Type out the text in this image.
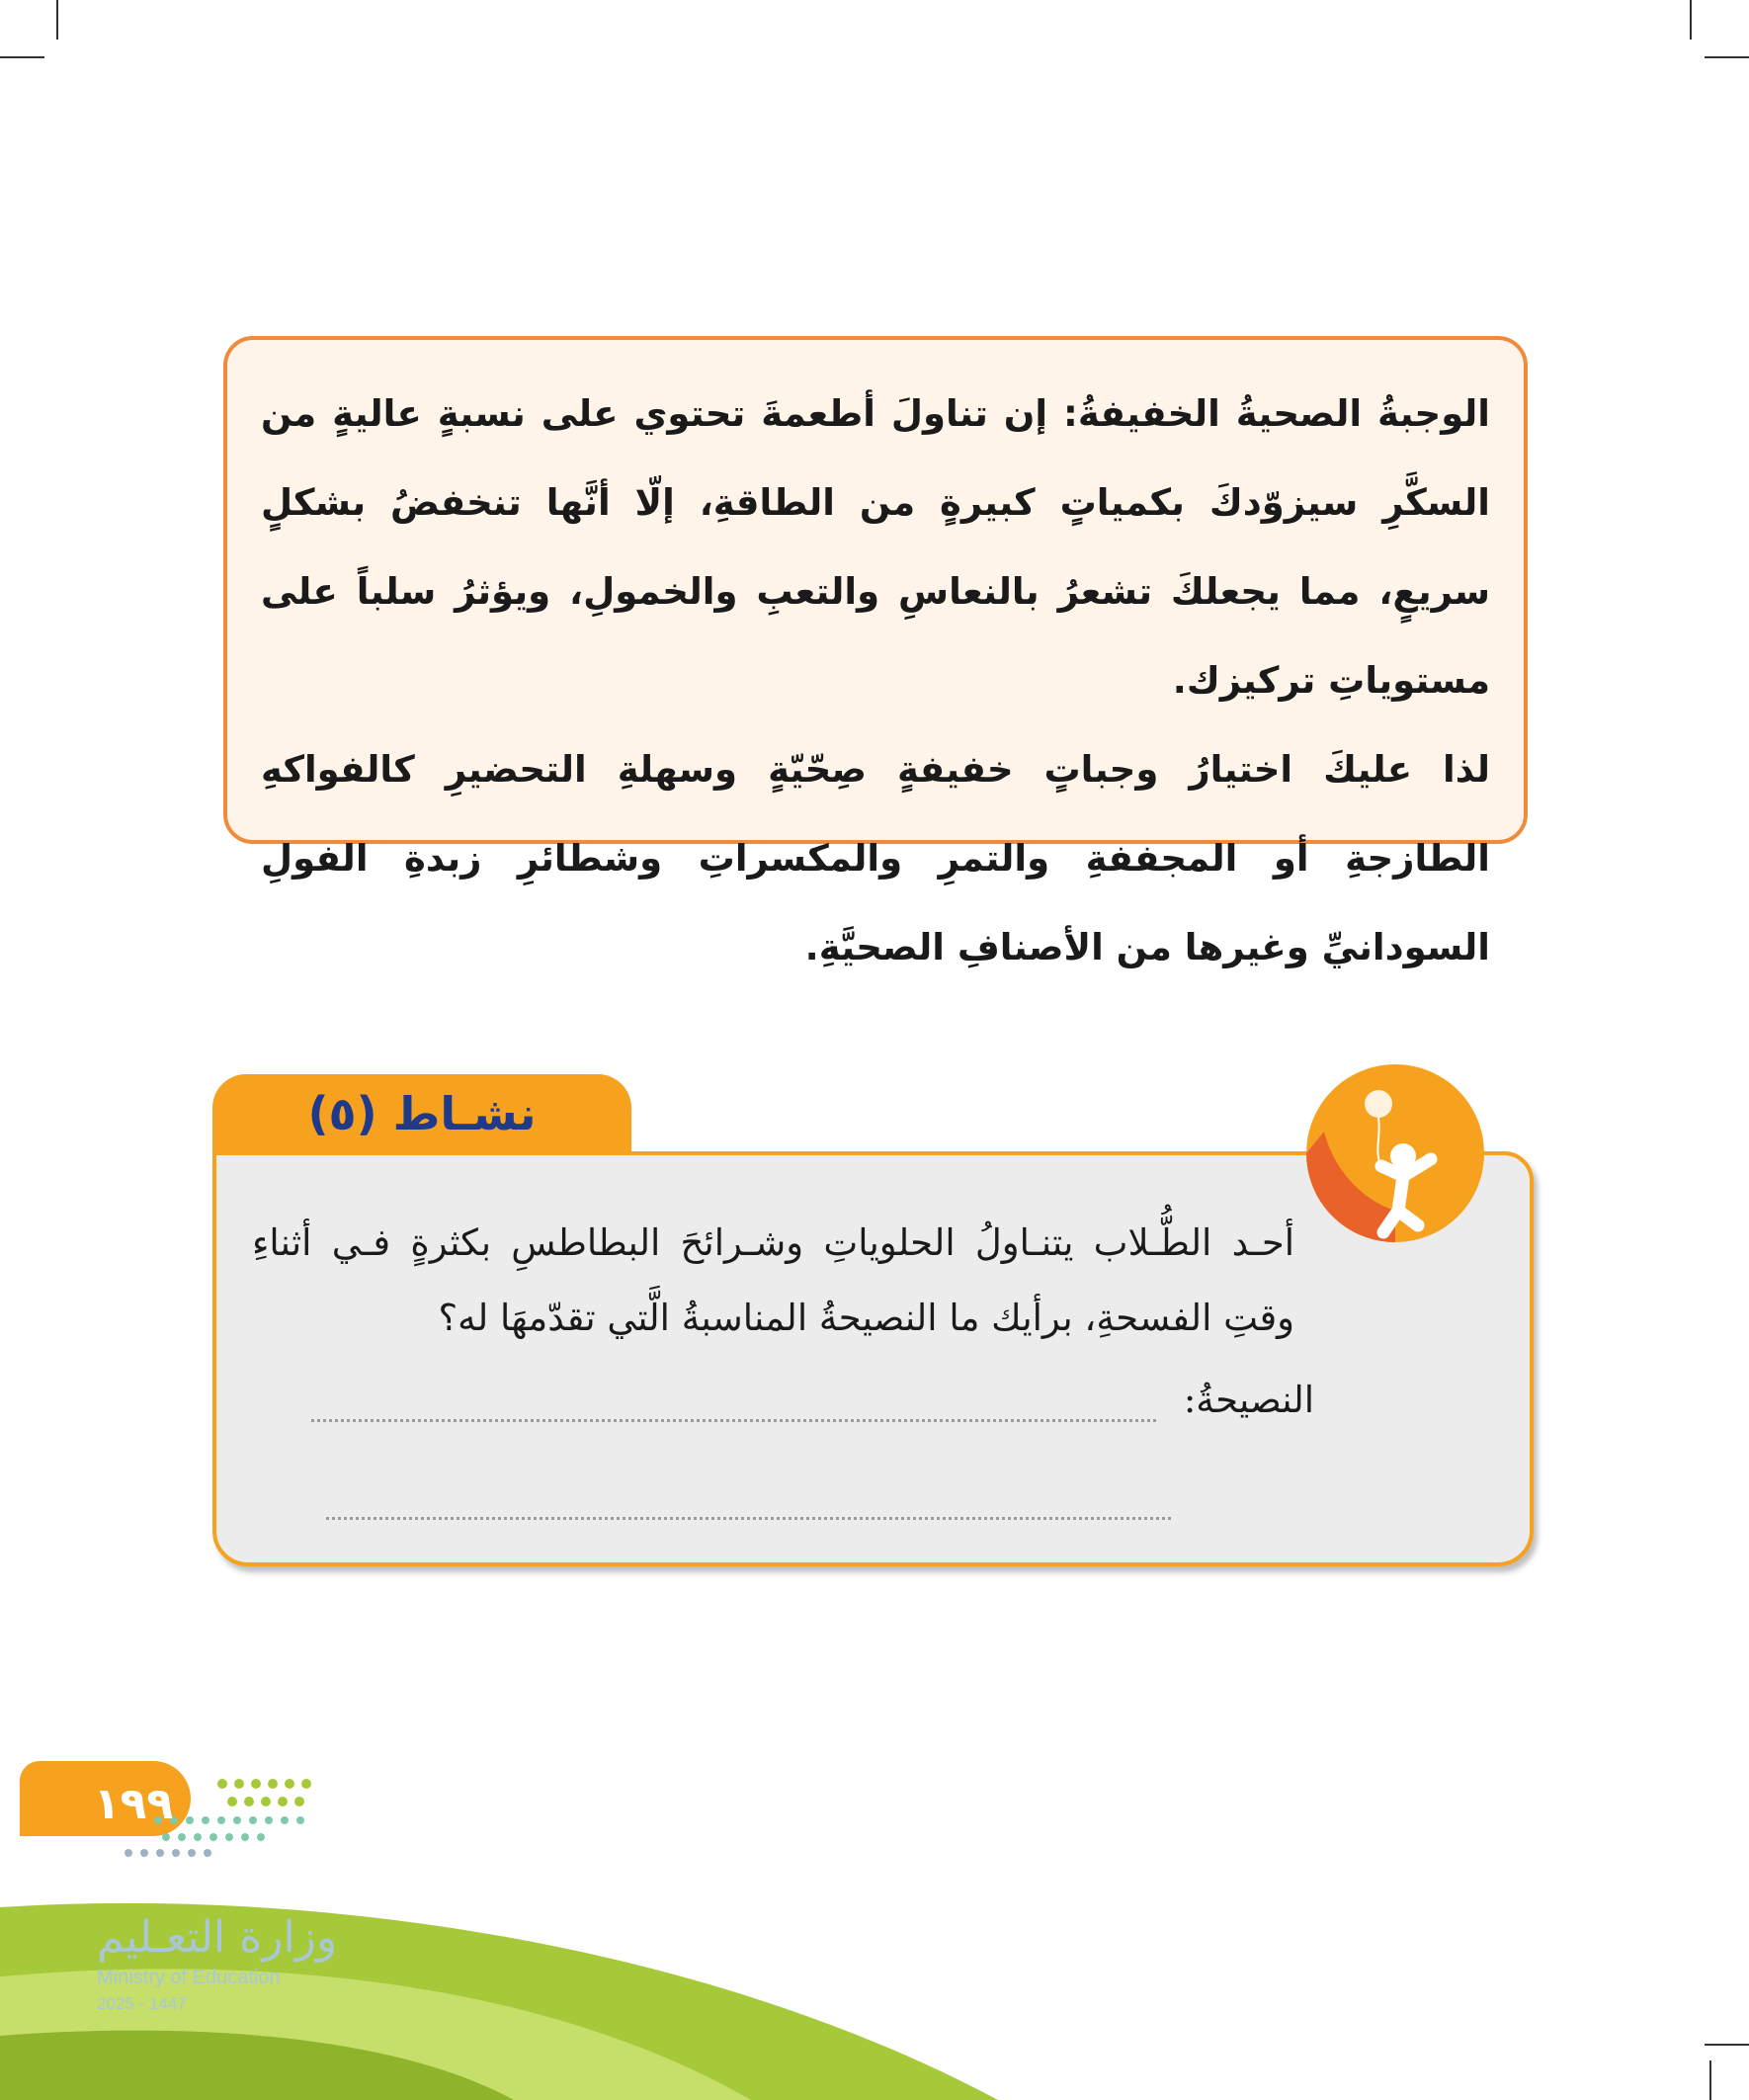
الوجبةُ الصحيةُ الخفيفةُ: إن تناولَ أطعمةَ تحتوي على نسبةٍ عاليةٍ من السكَّرِ سيزوّدكَ بكمياتٍ كبيرةٍ من الطاقةِ، إلّا أنَّها تنخفضُ بشكلٍ سريعٍ، مما يجعلكَ تشعرُ بالنعاسِ والتعبِ والخمولِ، ويؤثرُ سلباً على مستوياتِ تركيزك.

لذا عليكَ اختيارُ وجباتٍ خفيفةٍ صِحّيّةٍ وسهلةِ التحضيرِ كالفواكهِ الطازجةِ أو المجففةِ والتمرِ والمكسراتِ وشطائرِ زبدةِ الفولِ السودانيِّ وغيرها من الأصنافِ الصحيَّةِ.

نشـاط (٥)

أحـد الطُّـلاب يتنـاولُ الحلوياتِ وشـرائحَ البطاطسِ بكثرةٍ فـي أثناءِ وقتِ الفسحةِ، برأيك ما النصيحةُ المناسبةُ الَّتي تقدّمهَا له؟

النصيحةُ:
١٩٩
وزارة التعـليم
Ministry of Education
2025 - 1447
